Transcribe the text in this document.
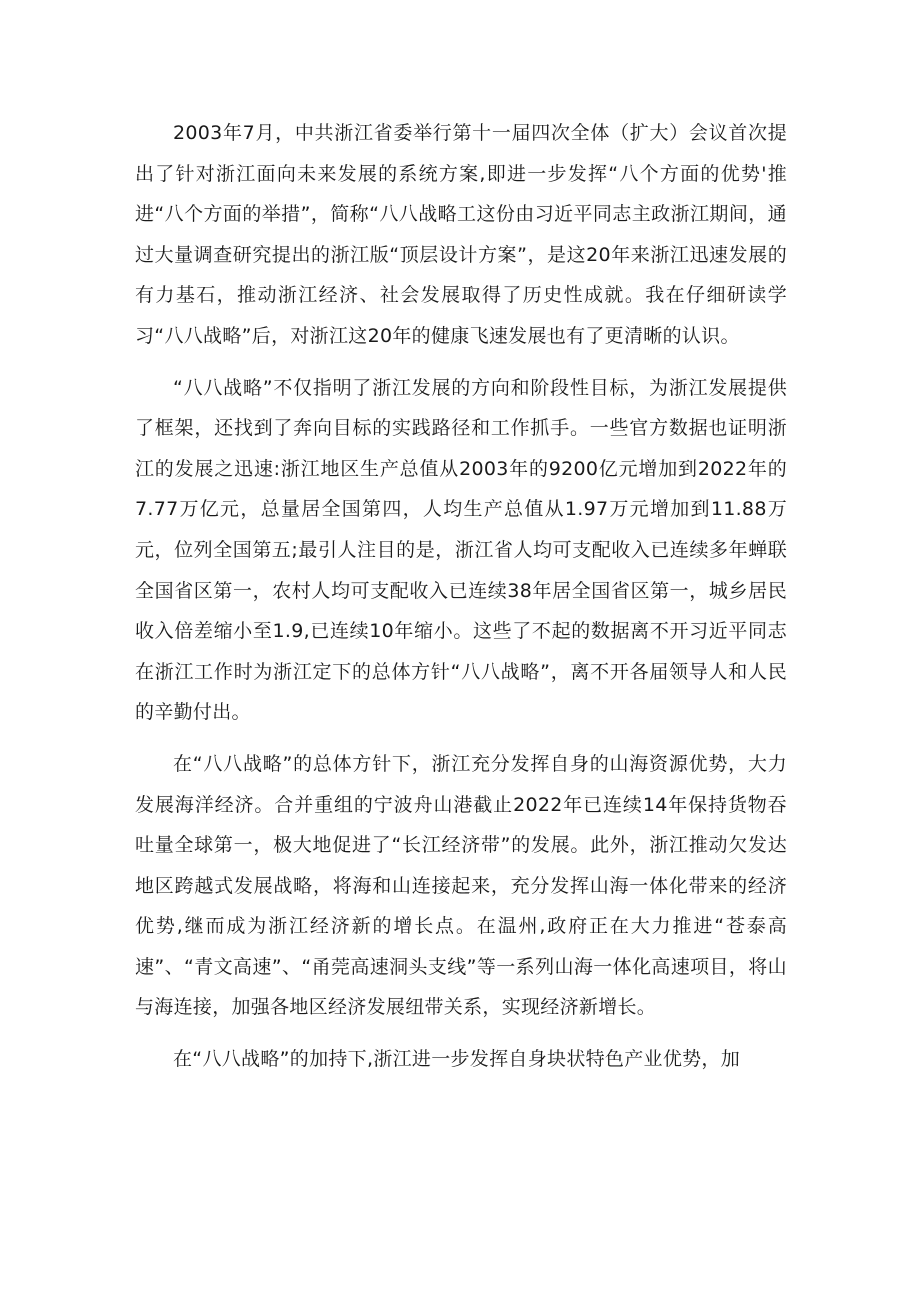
2003年7月，中共浙江省委举行第十一届四次全体（扩大）会议首次提出了针对浙江面向未来发展的系统方案,即进一步发挥“八个方面的优势'推进“八个方面的举措”，简称“八八战略工这份由习近平同志主政浙江期间，通过大量调查研究提出的浙江版“顶层设计方案”，是这20年来浙江迅速发展的有力基石，推动浙江经济、社会发展取得了历史性成就。我在仔细研读学习“八八战略”后，对浙江这20年的健康飞速发展也有了更清晰的认识。

“八八战略”不仅指明了浙江发展的方向和阶段性目标，为浙江发展提供了框架，还找到了奔向目标的实践路径和工作抓手。一些官方数据也证明浙江的发展之迅速:浙江地区生产总值从2003年的9200亿元增加到2022年的7.77万亿元，总量居全国第四，人均生产总值从1.97万元增加到11.88万元，位列全国第五;最引人注目的是，浙江省人均可支配收入已连续多年蝉联全国省区第一，农村人均可支配收入已连续38年居全国省区第一，城乡居民收入倍差缩小至1.9,已连续10年缩小。这些了不起的数据离不开习近平同志在浙江工作时为浙江定下的总体方针“八八战略”，离不开各届领导人和人民的辛勤付出。

在“八八战略”的总体方针下，浙江充分发挥自身的山海资源优势，大力发展海洋经济。合并重组的宁波舟山港截止2022年已连续14年保持货物吞吐量全球第一，极大地促进了“长江经济带”的发展。此外，浙江推动欠发达地区跨越式发展战略，将海和山连接起来，充分发挥山海一体化带来的经济优势,继而成为浙江经济新的增长点。在温州,政府正在大力推进“苍泰高速”、“青文高速”、“甬莞高速洞头支线”等一系列山海一体化高速项目，将山与海连接，加强各地区经济发展纽带关系，实现经济新增长。

在“八八战略”的加持下,浙江进一步发挥自身块状特色产业优势，加
